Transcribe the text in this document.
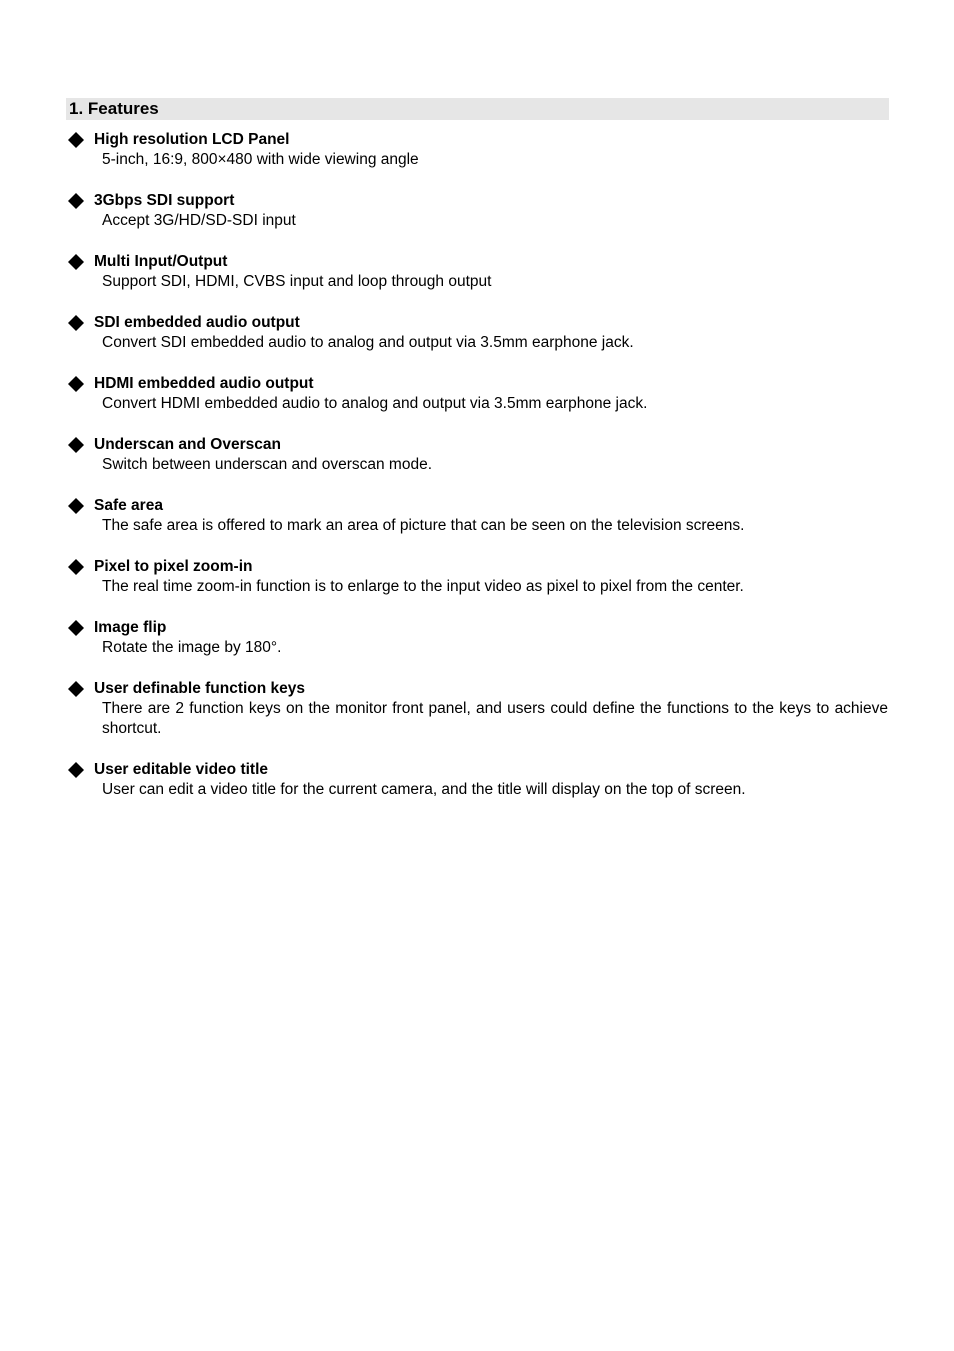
1. Features
High resolution LCD Panel
5-inch, 16:9, 800×480 with wide viewing angle
3Gbps SDI support
Accept 3G/HD/SD-SDI input
Multi Input/Output
Support SDI, HDMI, CVBS input and loop through output
SDI embedded audio output
Convert SDI embedded audio to analog and output via 3.5mm earphone jack.
HDMI embedded audio output
Convert HDMI embedded audio to analog and output via 3.5mm earphone jack.
Underscan and Overscan
Switch between underscan and overscan mode.
Safe area
The safe area is offered to mark an area of picture that can be seen on the television screens.
Pixel to pixel zoom-in
The real time zoom-in function is to enlarge to the input video as pixel to pixel from the center.
Image flip
Rotate the image by 180°.
User definable function keys
There are 2 function keys on the monitor front panel, and users could define the functions to the keys to achieve shortcut.
User editable video title
User can edit a video title for the current camera, and the title will display on the top of screen.
